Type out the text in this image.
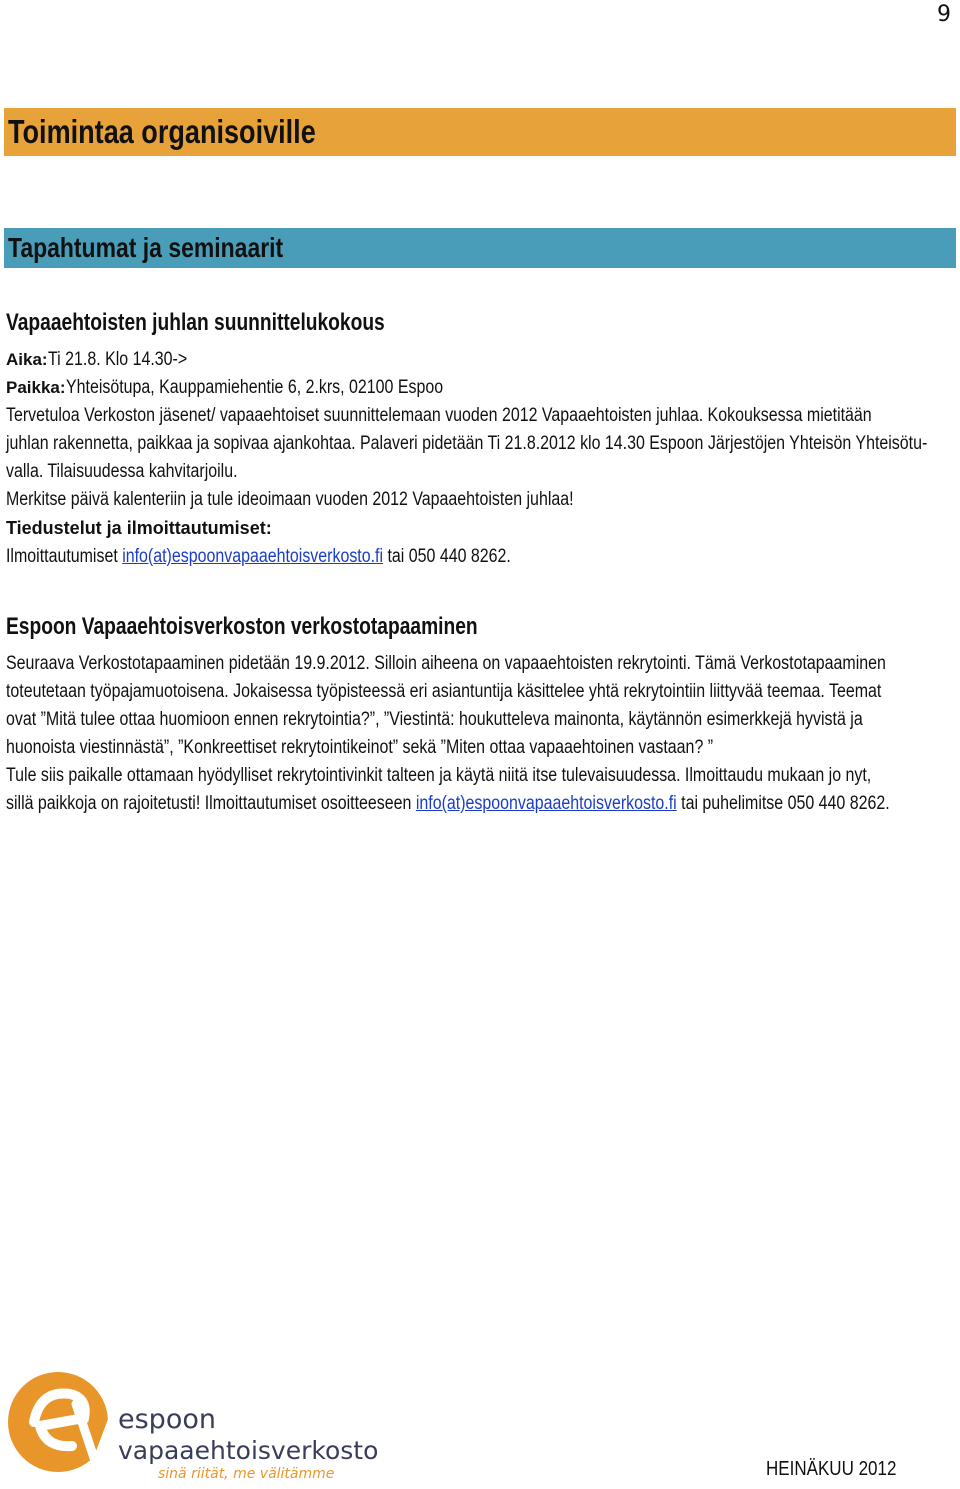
9
Toimintaa organisoiville
Tapahtumat ja seminaarit
Vapaaehtoisten juhlan suunnittelukokous
Aika:Ti 21.8. Klo 14.30->
Paikka:Yhteisötupa, Kauppamiehentie 6, 2.krs, 02100 Espoo
Tervetuloa Verkoston jäsenet/ vapaaehtoiset suunnittelemaan vuoden 2012 Vapaaehtoisten juhlaa. Kokouksessa mietitään
juhlan rakennetta, paikkaa ja sopivaa ajankohtaa. Palaveri pidetään Ti 21.8.2012 klo 14.30 Espoon Järjestöjen Yhteisön Yhteisötu-
valla. Tilaisuudessa kahvitarjoilu.
Merkitse päivä kalenteriin ja tule ideoimaan vuoden 2012 Vapaaehtoisten juhlaa!
Tiedustelut ja ilmoittautumiset:
Ilmoittautumiset info(at)espoonvapaaehtoisverkosto.fi tai 050 440 8262.
Espoon Vapaaehtoisverkoston verkostotapaaminen
Seuraava Verkostotapaaminen pidetään 19.9.2012. Silloin aiheena on vapaaehtoisten rekrytointi. Tämä Verkostotapaaminen
toteutetaan työpajamuotoisena. Jokaisessa työpisteessä eri asiantuntija käsittelee yhtä rekrytointiin liittyvää teemaa. Teemat
ovat ”Mitä tulee ottaa huomioon ennen rekrytointia?”, ”Viestintä: houkutteleva mainonta, käytännön esimerkkejä hyvistä ja
huonoista viestinnästä”, ”Konkreettiset rekrytointikeinot” sekä ”Miten ottaa vapaaehtoinen vastaan? ”
Tule siis paikalle ottamaan hyödylliset rekrytointivinkit talteen ja käytä niitä itse tulevaisuudessa. Ilmoittaudu mukaan jo nyt,
sillä paikkoja on rajoitetusti! Ilmoittautumiset osoitteeseen info(at)espoonvapaaehtoisverkosto.fi tai puhelimitse 050 440 8262.
espoon
vapaaehtoisverkosto
sinä riität, me välitämme	HEINÄKUU 2012
